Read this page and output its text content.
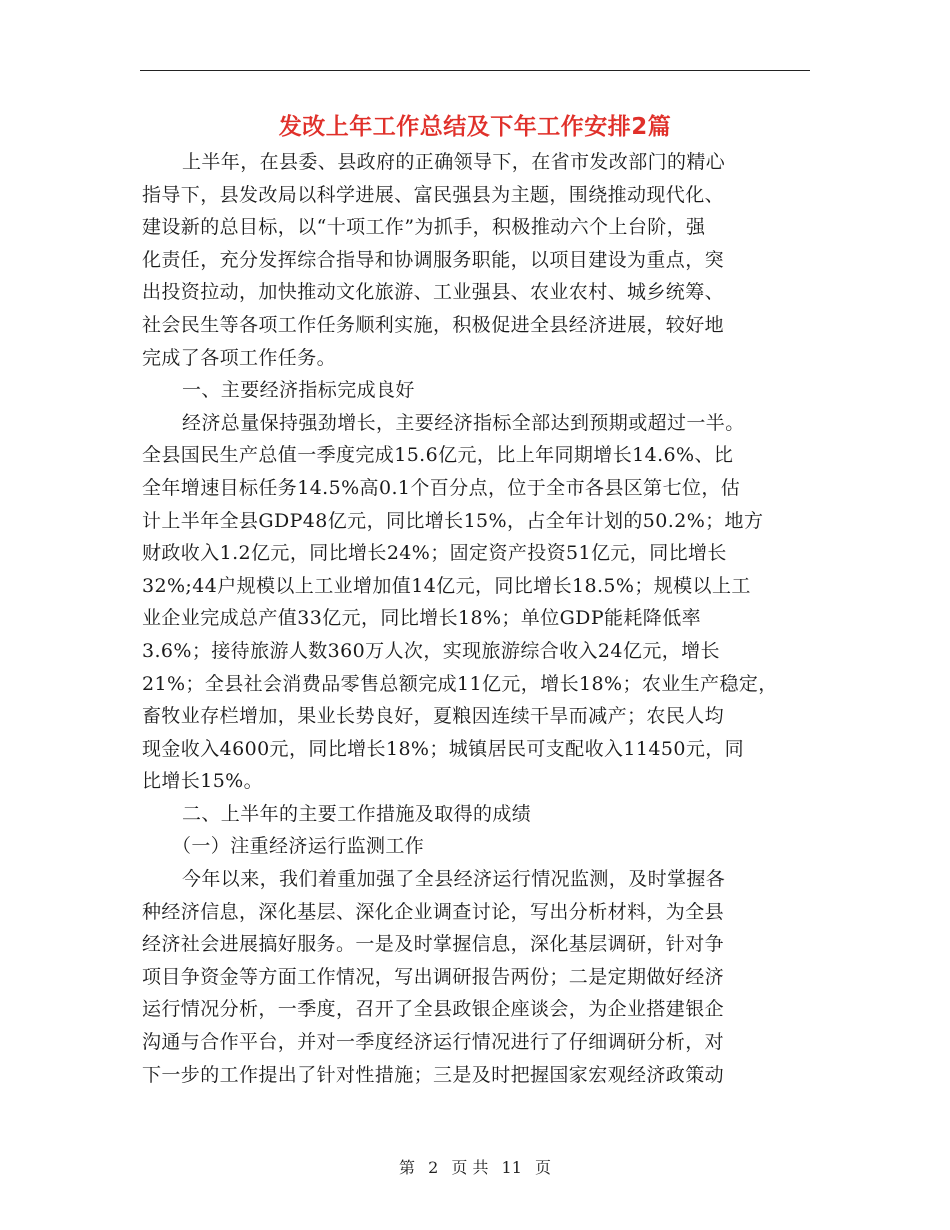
发改上年工作总结及下年工作安排2篇
上半年，在县委、县政府的正确领导下，在省市发改部门的精心
指导下，县发改局以科学进展、富民强县为主题，围绕推动现代化、
建设新的总目标，以“十项工作”为抓手，积极推动六个上台阶，强
化责任，充分发挥综合指导和协调服务职能，以项目建设为重点，突
出投资拉动，加快推动文化旅游、工业强县、农业农村、城乡统筹、
社会民生等各项工作任务顺利实施，积极促进全县经济进展，较好地
完成了各项工作任务。
一、主要经济指标完成良好
经济总量保持强劲增长，主要经济指标全部达到预期或超过一半。
全县国民生产总值一季度完成15.6亿元，比上年同期增长14.6%、比
全年增速目标任务14.5%高0.1个百分点，位于全市各县区第七位，估
计上半年全县GDP48亿元，同比增长15%，占全年计划的50.2%；地方
财政收入1.2亿元，同比增长24%；固定资产投资51亿元，同比增长
32%;44户规模以上工业增加值14亿元，同比增长18.5%；规模以上工
业企业完成总产值33亿元，同比增长18%；单位GDP能耗降低率
3.6%；接待旅游人数360万人次，实现旅游综合收入24亿元，增长
21%；全县社会消费品零售总额完成11亿元，增长18%；农业生产稳定，
畜牧业存栏增加，果业长势良好，夏粮因连续干旱而减产；农民人均
现金收入4600元，同比增长18%；城镇居民可支配收入11450元，同
比增长15%。
二、上半年的主要工作措施及取得的成绩
（一）注重经济运行监测工作
今年以来，我们着重加强了全县经济运行情况监测，及时掌握各
种经济信息，深化基层、深化企业调查讨论，写出分析材料，为全县
经济社会进展搞好服务。一是及时掌握信息，深化基层调研，针对争
项目争资金等方面工作情况，写出调研报告两份；二是定期做好经济
运行情况分析，一季度，召开了全县政银企座谈会，为企业搭建银企
沟通与合作平台，并对一季度经济运行情况进行了仔细调研分析，对
下一步的工作提出了针对性措施；三是及时把握国家宏观经济政策动
第 2 页 共 11 页
